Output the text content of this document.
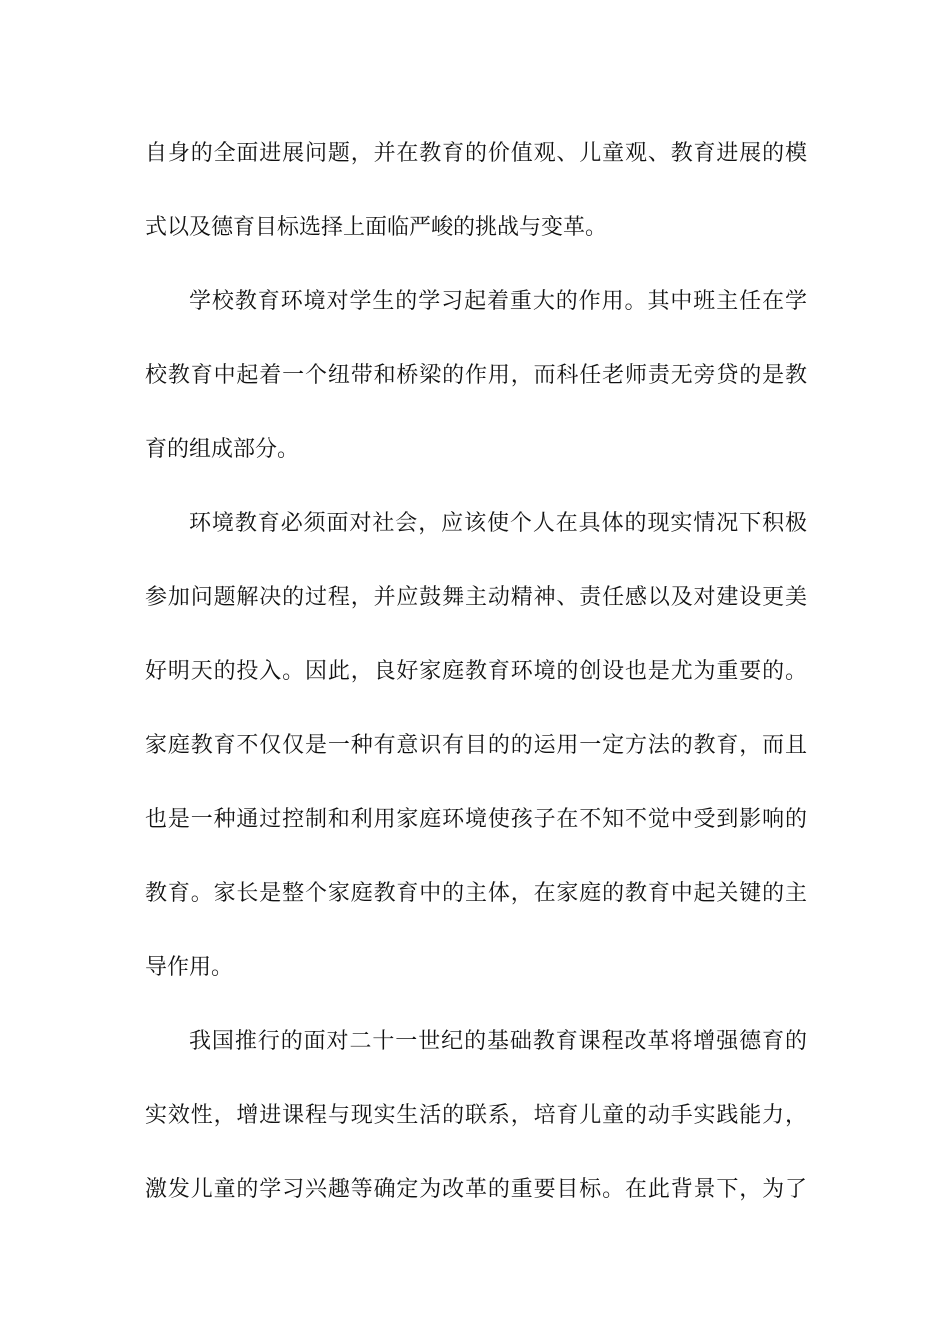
自身的全面进展问题，并在教育的价值观、儿童观、教育进展的模
式以及德育目标选择上面临严峻的挑战与变革。
学校教育环境对学生的学习起着重大的作用。其中班主任在学
校教育中起着一个纽带和桥梁的作用，而科任老师责无旁贷的是教
育的组成部分。
环境教育必须面对社会，应该使个人在具体的现实情况下积极
参加问题解决的过程，并应鼓舞主动精神、责任感以及对建设更美
好明天的投入。因此，良好家庭教育环境的创设也是尤为重要的。
家庭教育不仅仅是一种有意识有目的的运用一定方法的教育，而且
也是一种通过控制和利用家庭环境使孩子在不知不觉中受到影响的
教育。家长是整个家庭教育中的主体，在家庭的教育中起关键的主
导作用。
我国推行的面对二十一世纪的基础教育课程改革将增强德育的
实效性，增进课程与现实生活的联系，培育儿童的动手实践能力，
激发儿童的学习兴趣等确定为改革的重要目标。在此背景下，为了
